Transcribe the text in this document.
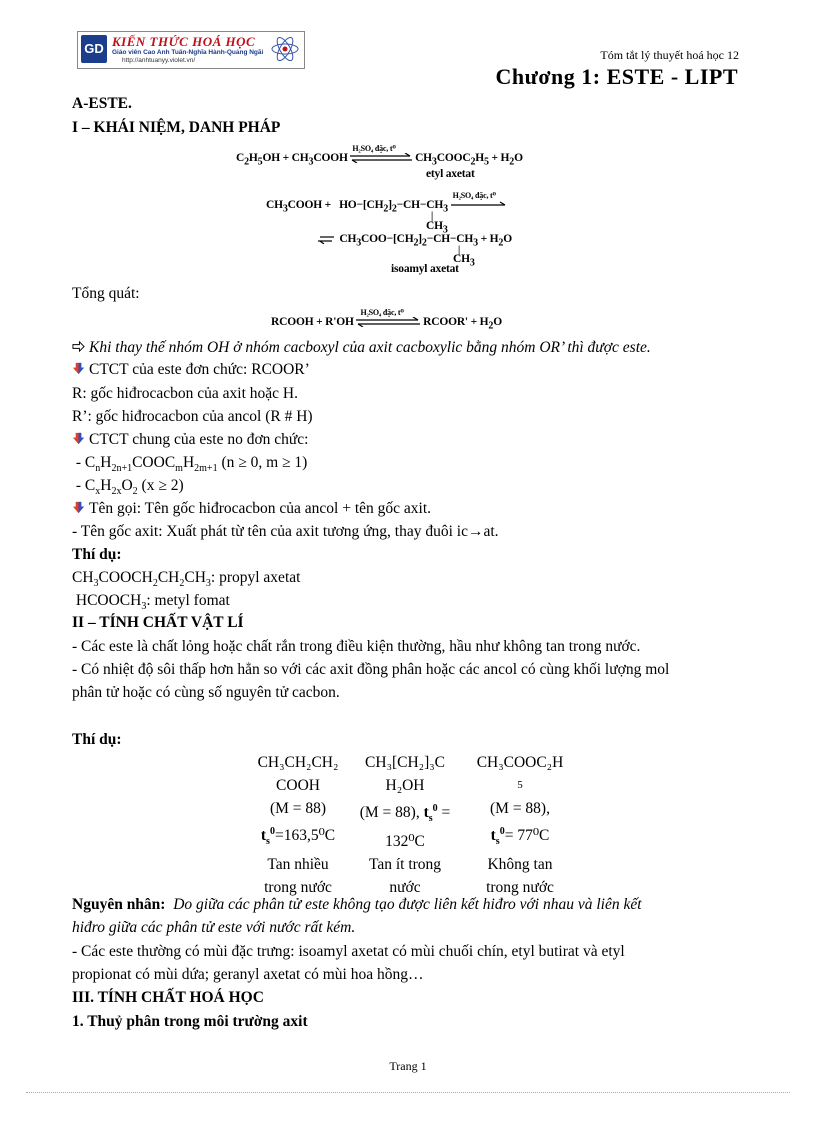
GD KIẾN THỨC HOÁ HỌC
Giáo viên Cao Anh Tuấn-Nghĩa Hành-Quảng Ngãi
http://anhtuanyy.violet.vn/	Tóm tắt lý thuyết hoá học 12
Chương 1: ESTE - LIPT
A-ESTE.
I – KHÁI NIỆM, DANH PHÁP
$C_2H_5OH$ + $CH_3COOH$
H₂SO₄ đặc, t⁰
$CH_3COOC_2H_5 + H_2O$
etyl axetat
$CH_3COOH + HO-[CH_2]_2-CH-CH_3$
H₂SO₄ đặc, t⁰
|
$CH_3$
$CH_3COO-[CH_2]_2-CH-CH_3 + H_2O$
|
$CH_3$
isoamyl axetat
Tổng quát:
RCOOH + R'OH
H₂SO₄ đặc, t⁰
RCOOR' + $H_2O$
Khi thay thế nhóm OH ở nhóm cacboxyl của axit cacboxylic bằng nhóm OR’ thì được este.
CTCT của este đơn chức: RCOOR’
R: gốc hiđrocacbon của axit hoặc H.
R’: gốc hiđrocacbon của ancol (R # H)
CTCT chung của este no đơn chức:
- $C_nH_{2n+1}COOC_mH_{2m+1}$ (n ≥ 0, m ≥ 1)
- $C_xH_{2x}O_2$ (x ≥ 2)
Tên gọi: Tên gốc hiđrocacbon của ancol + tên gốc axit.
- Tên gốc axit: Xuất phát từ tên của axit tương ứng, thay đuôi ic→at.
Thí dụ:
$CH_3COOCH_2CH_2CH_3$: propyl axetat
$HCOOCH_3$: metyl fomat
II – TÍNH CHẤT VẬT LÍ
- Các este là chất lỏng hoặc chất rắn trong điều kiện thường, hầu như không tan trong nước.
- Có nhiệt độ sôi thấp hơn hẳn so với các axit đồng phân hoặc các ancol có cùng khối lượng mol
phân tử hoặc có cùng số nguyên tử cacbon.
Thí dụ:
CH₃CH₂CH₂
COOH
(M = 88)
$t_s^0=163,5^0C$
Tan nhiều
trong nước
CH₃[CH₂]₃C
H₂OH
(M = 88), $t_s^0$ =
132⁰C
Tan ít trong
nước
CH₃COOC₂H
5
(M = 88),
$t_s^0= 77^0C$
Không tan
trong nước
Nguyên nhân: Do giữa các phân tử este không tạo được liên kết hiđro với nhau và liên kết
hiđro giữa các phân tử este với nước rất kém.
- Các este thường có mùi đặc trưng: isoamyl axetat có mùi chuối chín, etyl butirat và etyl
propionat có mùi dứa; geranyl axetat có mùi hoa hồng…
III. TÍNH CHẤT HOÁ HỌC
1. Thuỷ phân trong môi trường axit
Trang 1
